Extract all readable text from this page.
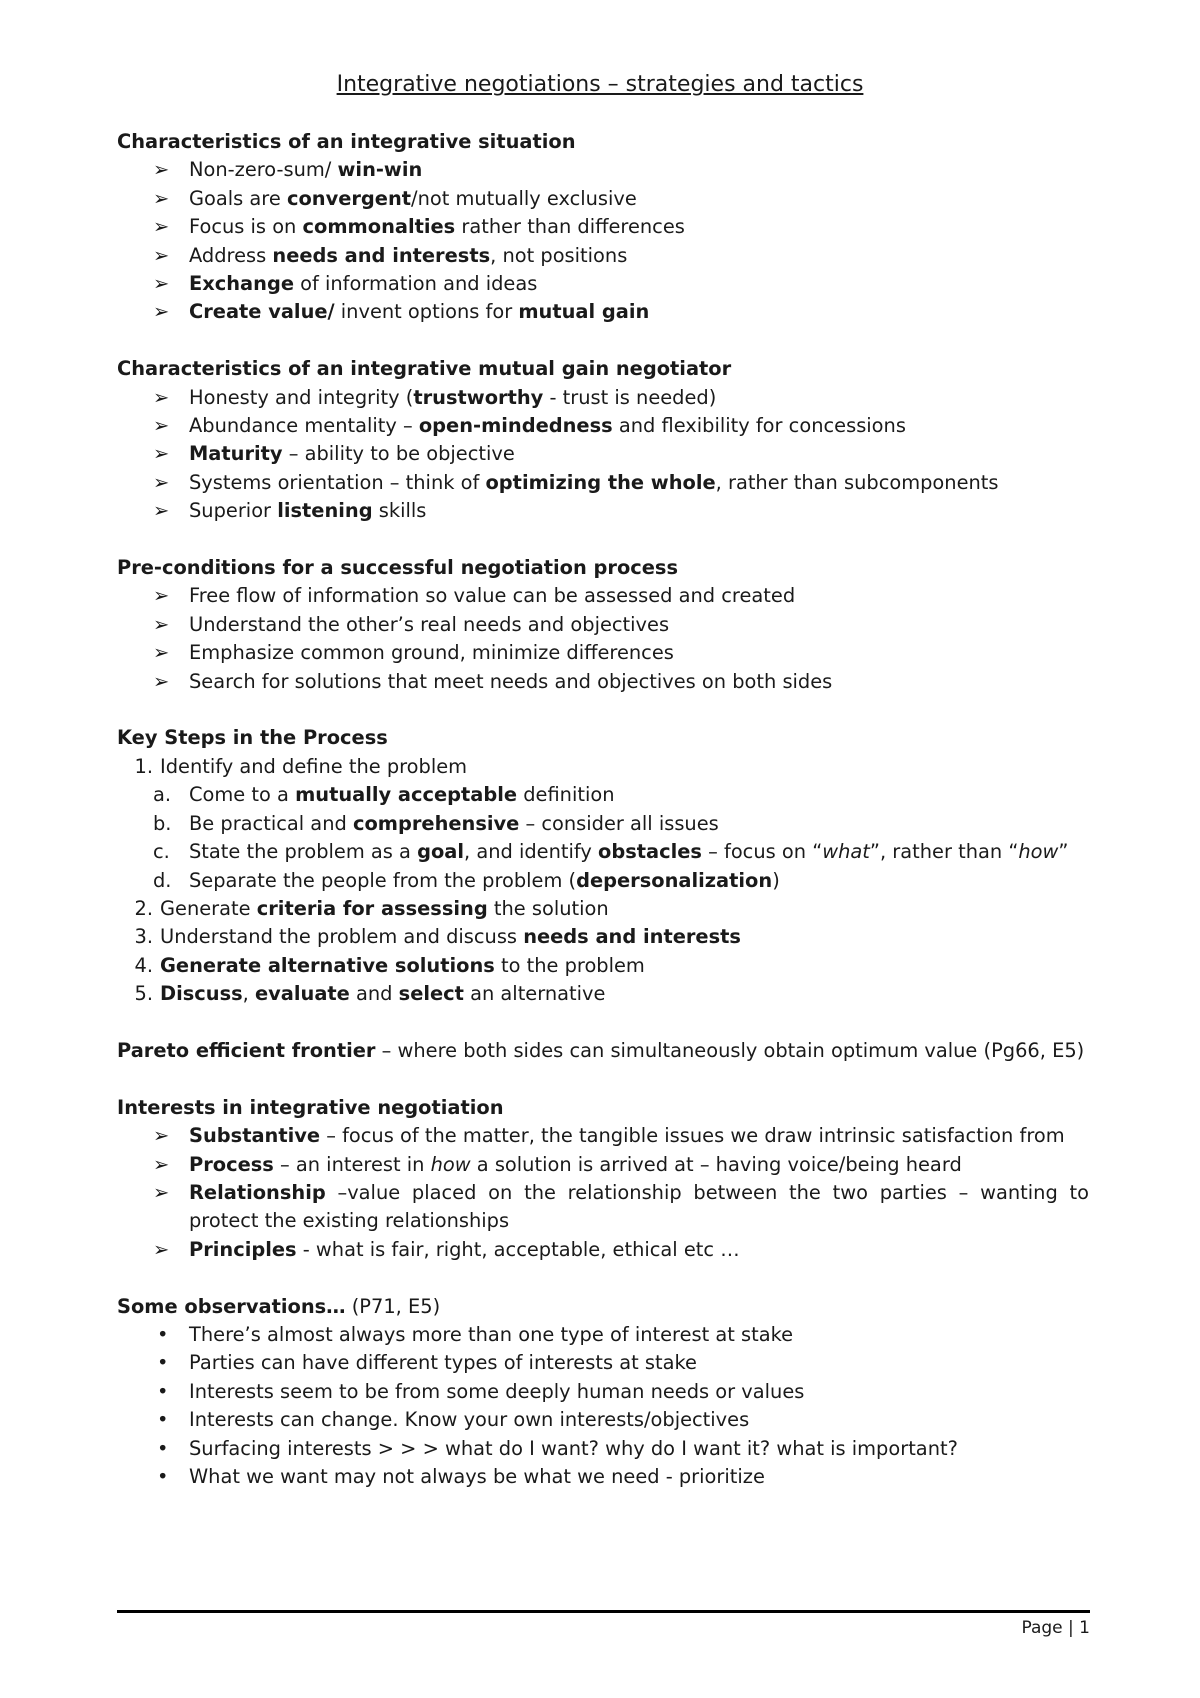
Integrative negotiations – strategies and tactics

Characteristics of an integrative situation

➢ Non-zero-sum/ win-win

➢ Goals are convergent/not mutually exclusive

➢ Focus is on commonalties rather than differences

➢ Address needs and interests, not positions

➢ Exchange of information and ideas

➢ Create value/ invent options for mutual gain

Characteristics of an integrative mutual gain negotiator

➢ Honesty and integrity (trustworthy - trust is needed)

➢ Abundance mentality – open-mindedness and flexibility for concessions

➢ Maturity – ability to be objective

➢ Systems orientation – think of optimizing the whole, rather than subcomponents

➢ Superior listening skills

Pre-conditions for a successful negotiation process

➢ Free flow of information so value can be assessed and created

➢ Understand the other’s real needs and objectives

➢ Emphasize common ground, minimize differences

➢ Search for solutions that meet needs and objectives on both sides

Key Steps in the Process

1. Identify and define the problem

a. Come to a mutually acceptable definition

b. Be practical and comprehensive – consider all issues

c. State the problem as a goal, and identify obstacles – focus on “what”, rather than “how”

d. Separate the people from the problem (depersonalization)

2. Generate criteria for assessing the solution

3. Understand the problem and discuss needs and interests

4. Generate alternative solutions to the problem

5. Discuss, evaluate and select an alternative

Pareto efficient frontier – where both sides can simultaneously obtain optimum value (Pg66, E5)

Interests in integrative negotiation

➢ Substantive – focus of the matter, the tangible issues we draw intrinsic satisfaction from

➢ Process – an interest in how a solution is arrived at – having voice/being heard

➢ Relationship –value placed on the relationship between the two parties – wanting to protect the existing relationships

➢ Principles - what is fair, right, acceptable, ethical etc …

Some observations… (P71, E5)

• There’s almost always more than one type of interest at stake

• Parties can have different types of interests at stake

• Interests seem to be from some deeply human needs or values

• Interests can change. Know your own interests/objectives

• Surfacing interests > > > what do I want? why do I want it? what is important?

• What we want may not always be what we need - prioritize

Page | 1
